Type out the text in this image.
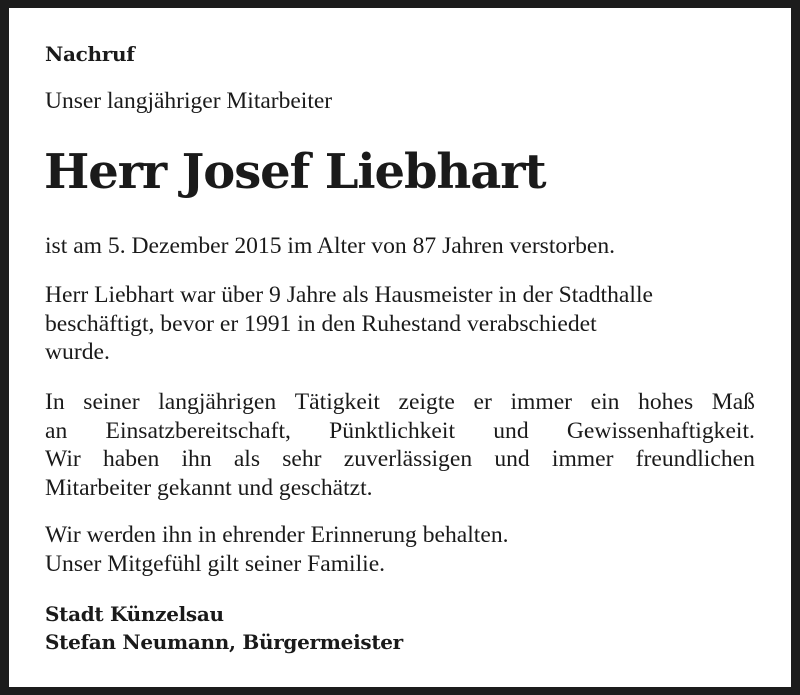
Nachruf
Unser langjähriger Mitarbeiter
Herr Josef Liebhart

ist am 5. Dezember 2015 im Alter von 87 Jahren verstorben.

Herr Liebhart war über 9 Jahre als Hausmeister in der Stadthalle
beschäftigt, bevor er 1991 in den Ruhestand verabschiedet
wurde.

In seiner langjährigen Tätigkeit zeigte er immer ein hohes Maß
an Einsatzbereitschaft, Pünktlichkeit und Gewissenhaftigkeit.
Wir haben ihn als sehr zuverlässigen und immer freundlichen
Mitarbeiter gekannt und geschätzt.

Wir werden ihn in ehrender Erinnerung behalten.
Unser Mitgefühl gilt seiner Familie.

Stadt Künzelsau
Stefan Neumann, Bürgermeister
